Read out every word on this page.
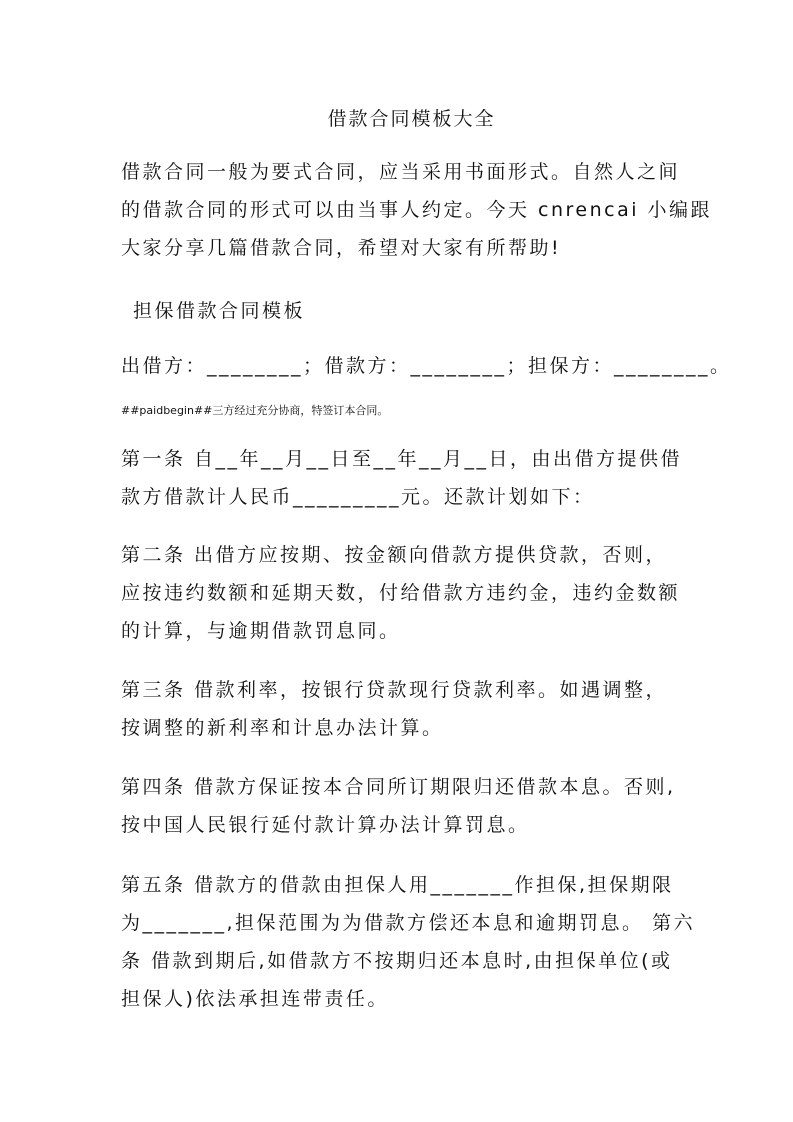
借款合同模板大全

借款合同一般为要式合同，应当采用书面形式。自然人之间
的借款合同的形式可以由当事人约定。今天 cnrencai 小编跟
大家分享几篇借款合同，希望对大家有所帮助!

担保借款合同模板

出借方：________；借款方：________；担保方：________。

##paidbegin##三方经过充分协商，特签订本合同。

第一条 自__年__月__日至__年__月__日，由出借方提供借
款方借款计人民币_________元。还款计划如下：

第二条 出借方应按期、按金额向借款方提供贷款，否则，
应按违约数额和延期天数，付给借款方违约金，违约金数额
的计算，与逾期借款罚息同。

第三条 借款利率，按银行贷款现行贷款利率。如遇调整，
按调整的新利率和计息办法计算。

第四条 借款方保证按本合同所订期限归还借款本息。否则,
按中国人民银行延付款计算办法计算罚息。

第五条 借款方的借款由担保人用_______作担保,担保期限
为_______,担保范围为为借款方偿还本息和逾期罚息。 第六
条 借款到期后,如借款方不按期归还本息时,由担保单位(或
担保人)依法承担连带责任。
